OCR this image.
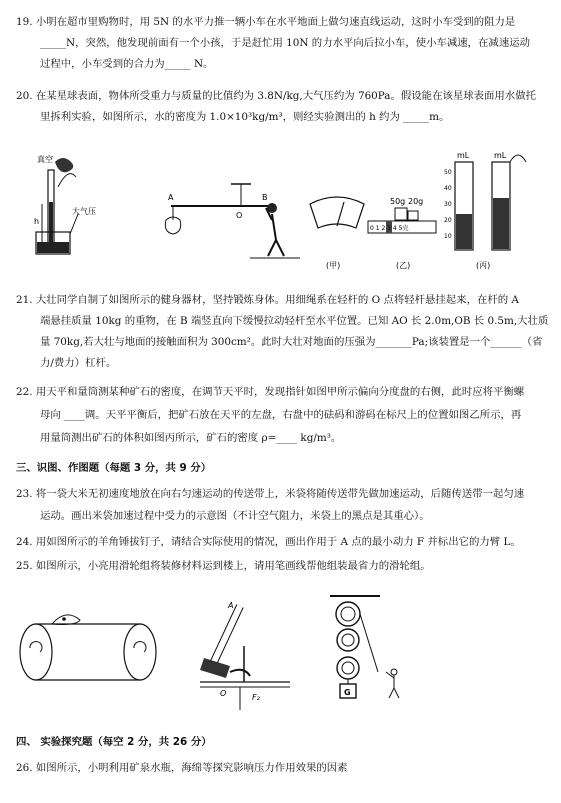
19. 小明在超市里购物时，用 5N 的水平力推一辆小车在水平地面上做匀速直线运动，这时小车受到的阻力是
_____N，突然，他发现前面有一个小孩，于是赶忙用 10N 的力水平向后拉小车，使小车减速，在减速运动
过程中，小车受到的合力为_____ N。
20. 在某星球表面，物体所受重力与质量的比值约为 3.8N/kg,大气压约为 760Pa。假设能在该星球表面用水做托
里拆利实验，如图所示，水的密度为 1.0×10³kg/m³，则经实验测出的 h 约为 _____m。
真空
h
大气压
A
O
B
(甲)
50g 20g
0 1 2 3 4 5克
(乙)
mL	mL
50
40
30
20
10
(丙)
21. 大壮同学自制了如图所示的健身器材，坚持锻炼身体。用细绳系在轻杆的 O 点将轻杆悬挂起来，在杆的 A
端悬挂质量 10kg 的重物，在 B 端竖直向下缓慢拉动轻杆至水平位置。已知 AO 长 2.0m,OB 长 0.5m,大壮质
量 70kg,若大壮与地面的接触面积为 300cm²。此时大壮对地面的压强为_______Pa;该装置是一个______（省
力/费力）杠杆。
22. 用天平和量筒测某种矿石的密度，在调节天平时，发现指针如图甲所示偏向分度盘的右侧，此时应将平衡螺
母向 ____调。天平平衡后，把矿石放在天平的左盘，右盘中的砝码和游码在标尺上的位置如图乙所示，再
用量筒测出矿石的体积如图丙所示，矿石的密度 ρ=____ kg/m³。
三、识图、作图题（每题 3 分，共 9 分）
23. 将一袋大米无初速度地放在向右匀速运动的传送带上，米袋将随传送带先做加速运动，后随传送带一起匀速
运动。画出米袋加速过程中受力的示意图（不计空气阻力，米袋上的黑点是其重心）。
24. 用如图所示的羊角锤拔钉子，请结合实际使用的情况，画出作用于 A 点的最小动力 F 并标出它的力臂 L。
25. 如图所示，小亮用滑轮组将装修材料运到楼上，请用笔画线帮他组装最省力的滑轮组。
A
O	F₂
G
四、 实验探究题（每空 2 分，共 26 分）
26. 如图所示，小明利用矿泉水瓶，海绵等探究影响压力作用效果的因素
